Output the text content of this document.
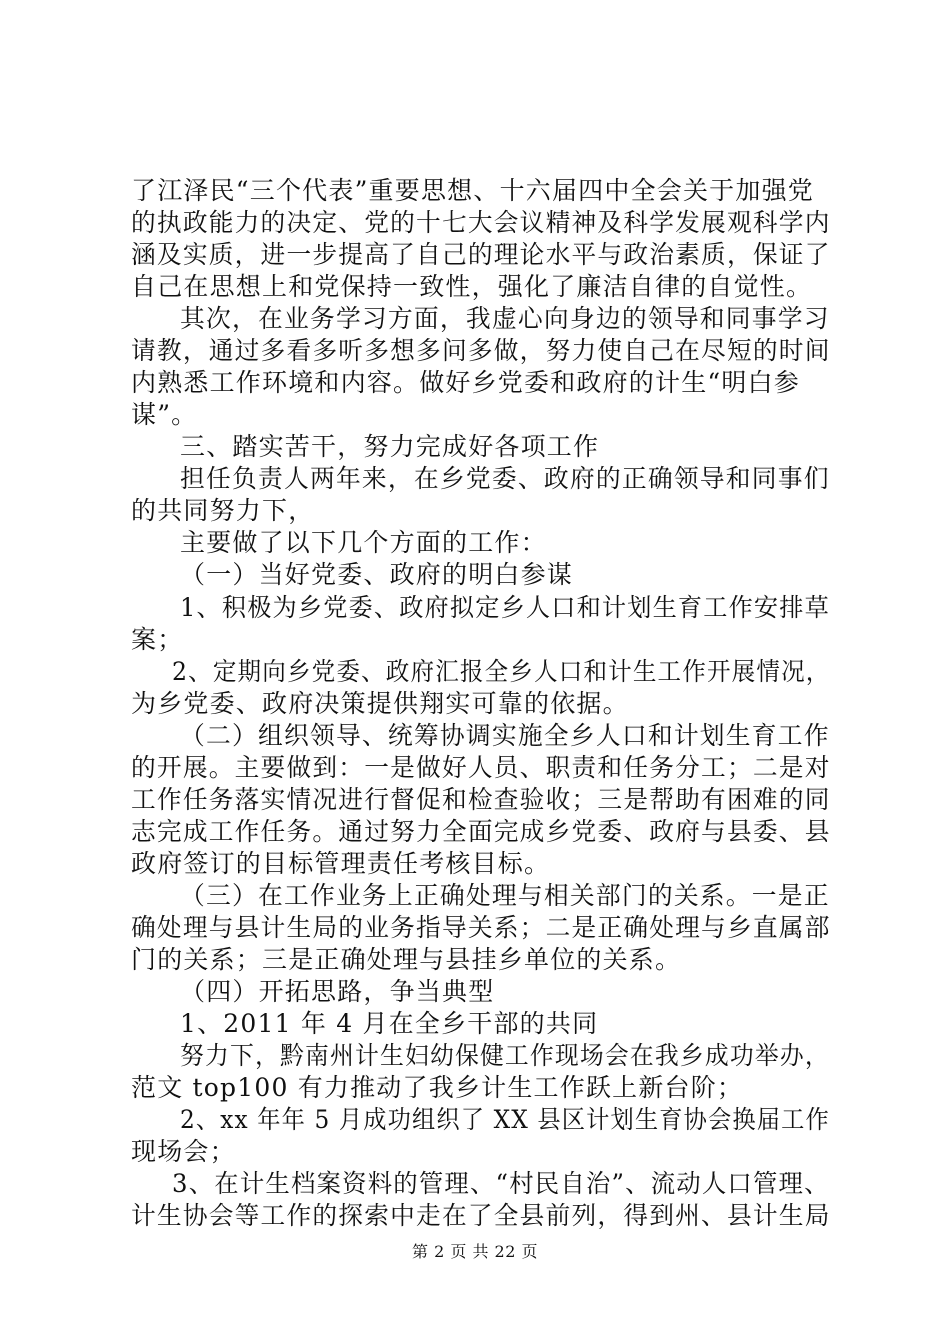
了江泽民“三个代表”重要思想、十六届四中全会关于加强党
的执政能力的决定、党的十七大会议精神及科学发展观科学内
涵及实质，进一步提高了自己的理论水平与政治素质，保证了
自己在思想上和党保持一致性，强化了廉洁自律的自觉性。
其次，在业务学习方面，我虚心向身边的领导和同事学习
请教，通过多看多听多想多问多做，努力使自己在尽短的时间
内熟悉工作环境和内容。做好乡党委和政府的计生“明白参
谋”。
三、踏实苦干，努力完成好各项工作
担任负责人两年来，在乡党委、政府的正确领导和同事们
的共同努力下，
主要做了以下几个方面的工作：
（一）当好党委、政府的明白参谋
1、积极为乡党委、政府拟定乡人口和计划生育工作安排草
案；
2、定期向乡党委、政府汇报全乡人口和计生工作开展情况，
为乡党委、政府决策提供翔实可靠的依据。
（二）组织领导、统筹协调实施全乡人口和计划生育工作
的开展。主要做到：一是做好人员、职责和任务分工；二是对
工作任务落实情况进行督促和检查验收；三是帮助有困难的同
志完成工作任务。通过努力全面完成乡党委、政府与县委、县
政府签订的目标管理责任考核目标。
（三）在工作业务上正确处理与相关部门的关系。一是正
确处理与县计生局的业务指导关系；二是正确处理与乡直属部
门的关系；三是正确处理与县挂乡单位的关系。
（四）开拓思路，争当典型
1、2011 年 4 月在全乡干部的共同
努力下，黔南州计生妇幼保健工作现场会在我乡成功举办，
范文 top100 有力推动了我乡计生工作跃上新台阶；
2、xx 年年 5 月成功组织了 XX 县区计划生育协会换届工作
现场会；
3、在计生档案资料的管理、“村民自治”、流动人口管理、
计生协会等工作的探索中走在了全县前列，得到州、县计生局
第 2 页 共 22 页
